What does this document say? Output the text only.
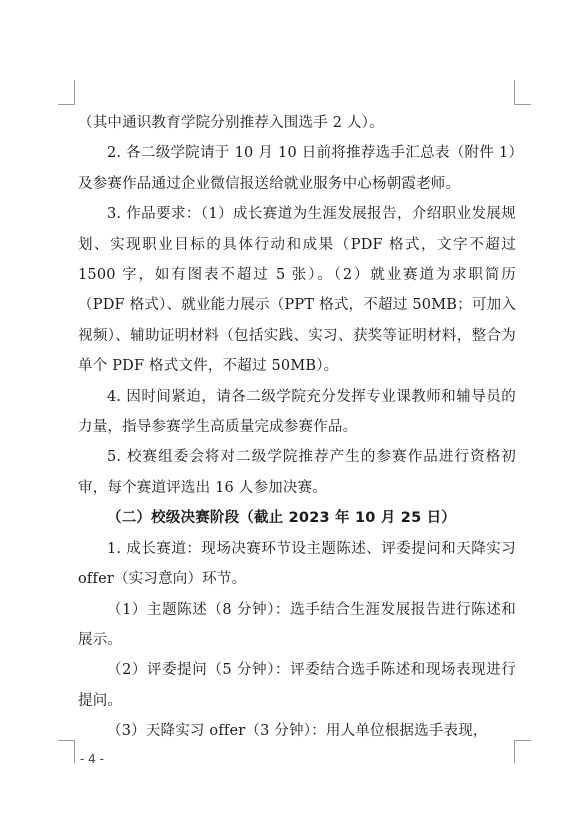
（其中通识教育学院分别推荐入围选手 2 人）。

2. 各二级学院请于 10 月 10 日前将推荐选手汇总表（附件 1）及参赛作品通过企业微信报送给就业服务中心杨朝霞老师。

3. 作品要求：（1）成长赛道为生涯发展报告，介绍职业发展规划、实现职业目标的具体行动和成果（PDF 格式，文字不超过 1500 字，如有图表不超过 5 张）。（2）就业赛道为求职简历（PDF 格式）、就业能力展示（PPT 格式，不超过 50MB；可加入视频）、辅助证明材料（包括实践、实习、获奖等证明材料，整合为单个 PDF 格式文件，不超过 50MB）。

4. 因时间紧迫，请各二级学院充分发挥专业课教师和辅导员的力量，指导参赛学生高质量完成参赛作品。

5. 校赛组委会将对二级学院推荐产生的参赛作品进行资格初审，每个赛道评选出 16 人参加决赛。

（二）校级决赛阶段（截止 2023 年 10 月 25 日）

1. 成长赛道：现场决赛环节设主题陈述、评委提问和天降实习 offer（实习意向）环节。

（1）主题陈述（8 分钟）：选手结合生涯发展报告进行陈述和展示。

（2）评委提问（5 分钟）：评委结合选手陈述和现场表现进行提问。

（3）天降实习 offer（3 分钟）：用人单位根据选手表现，

- 4 -
